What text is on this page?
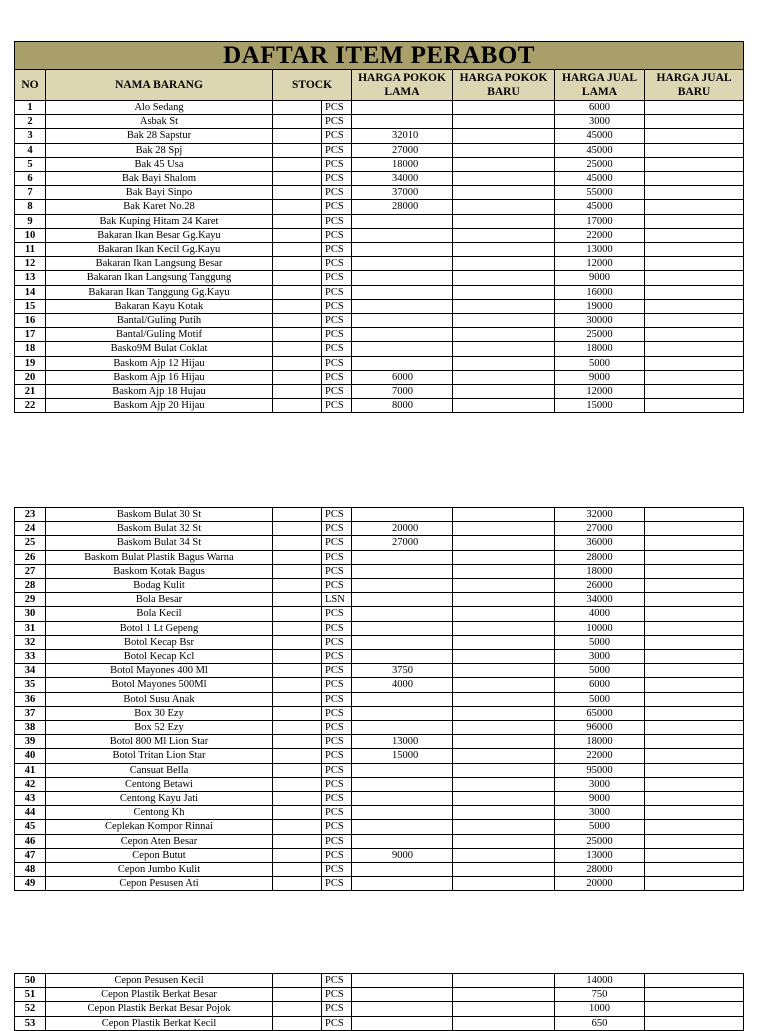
DAFTAR ITEM PERABOT							
NO	NAMA BARANG	STOCK		HARGA POKOK LAMA	HARGA POKOK BARU	HARGA JUAL LAMA	HARGA JUAL BARU
1	Alo Sedang		PCS			6000	
2	Asbak St		PCS			3000	
3	Bak 28 Sapstur		PCS	32010		45000	
4	Bak 28 Spj		PCS	27000		45000	
5	Bak 45 Usa		PCS	18000		25000	
6	Bak Bayi Shalom		PCS	34000		45000	
7	Bak Bayi Sinpo		PCS	37000		55000	
8	Bak Karet No.28		PCS	28000		45000	
9	Bak Kuping Hitam 24 Karet		PCS			17000	
10	Bakaran Ikan Besar Gg.Kayu		PCS			22000	
11	Bakaran Ikan Kecil Gg.Kayu		PCS			13000	
12	Bakaran Ikan Langsung Besar		PCS			12000	
13	Bakaran Ikan Langsung Tanggung		PCS			9000	
14	Bakaran Ikan Tanggung Gg.Kayu		PCS			16000	
15	Bakaran Kayu Kotak		PCS			19000	
16	Bantal/Guling Putih		PCS			30000	
17	Bantal/Guling Motif		PCS			25000	
18	Basko9M Bulat Coklat		PCS			18000	
19	Baskom Ajp 12 Hijau		PCS			5000	
20	Baskom Ajp 16 Hijau		PCS	6000		9000	
21	Baskom Ajp 18 Hujau		PCS	7000		12000	
22	Baskom Ajp 20 Hijau		PCS	8000		15000	
23	Baskom Bulat 30 St		PCS			32000	
24	Baskom Bulat 32 St		PCS	20000		27000	
25	Baskom Bulat 34 St		PCS	27000		36000	
26	Baskom Bulat Plastik Bagus Warna		PCS			28000	
27	Baskom Kotak Bagus		PCS			18000	
28	Bodag Kulit		PCS			26000	
29	Bola Besar		LSN			34000	
30	Bola Kecil		PCS			4000	
31	Botol 1 Lt Gepeng		PCS			10000	
32	Botol Kecap Bsr		PCS			5000	
33	Botol Kecap Kcl		PCS			3000	
34	Botol Mayones 400 Ml		PCS	3750		5000	
35	Botol Mayones 500Ml		PCS	4000		6000	
36	Botol Susu Anak		PCS			5000	
37	Box 30 Ezy		PCS			65000	
38	Box 52 Ezy		PCS			96000	
39	Botol 800 Ml Lion Star		PCS	13000		18000	
40	Botol Tritan Lion Star		PCS	15000		22000	
41	Cansuat Bella		PCS			95000	
42	Centong Betawi		PCS			3000	
43	Centong Kayu Jati		PCS			9000	
44	Centong Kh		PCS			3000	
45	Ceplekan Kompor Rinnai		PCS			5000	
46	Cepon Aten Besar		PCS			25000	
47	Cepon Butut		PCS	9000		13000	
48	Cepon Jumbo Kulit		PCS			28000	
49	Cepon Pesusen Ati		PCS			20000	
50	Cepon Pesusen Kecil		PCS			14000	
51	Cepon Plastik Berkat Besar		PCS			750	
52	Cepon Plastik Berkat Besar Pojok		PCS			1000	
53	Cepon Plastik Berkat Kecil		PCS			650	
